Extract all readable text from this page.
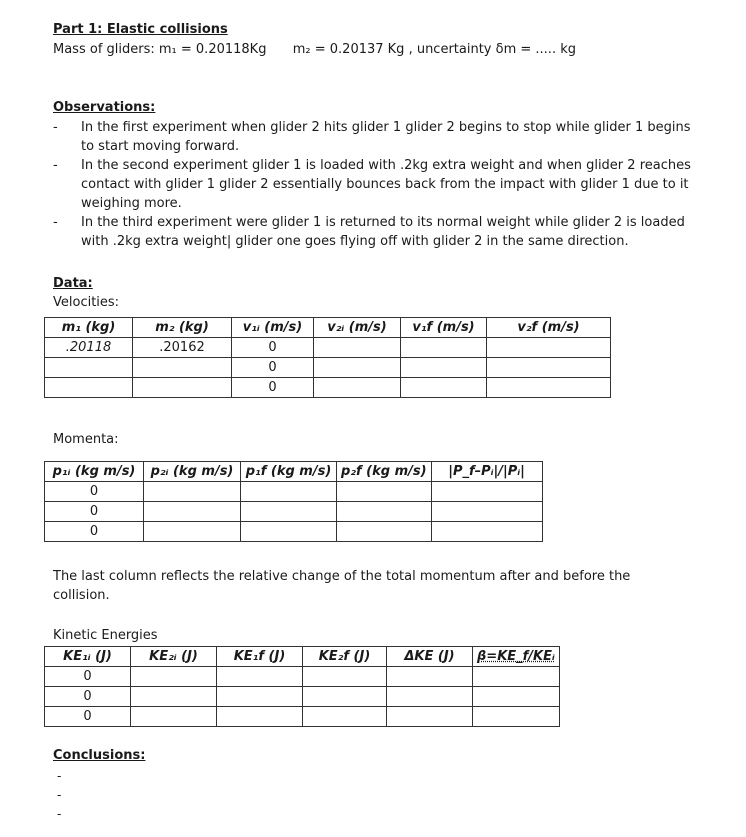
Part 1: Elastic collisions
Mass of gliders: m₁ = 0.20118Kg m₂ = 0.20137 Kg , uncertainty δm = ..... kg
Observations:
-	In the first experiment when glider 2 hits glider 1 glider 2 begins to stop while glider 1 begins to start moving forward.
-	In the second experiment glider 1 is loaded with .2kg extra weight and when glider 2 reaches contact with glider 1 glider 2 essentially bounces back from the impact with glider 1 due to it weighing more.
-	In the third experiment were glider 1 is returned to its normal weight while glider 2 is loaded with .2kg extra weight| glider one goes flying off with glider 2 in the same direction.
Data:
Velocities:
m₁ (kg)	m₂ (kg)	v₁ᵢ (m/s)	v₂ᵢ (m/s)	v₁f (m/s)	v₂f (m/s)
.20118	.20162	0			
		0			
		0			
Momenta:
p₁ᵢ (kg m/s)	p₂ᵢ (kg m/s)	p₁f (kg m/s)	p₂f (kg m/s)	|P_f–Pᵢ|/|Pᵢ|
0				
0				
0				
The last column reflects the relative change of the total momentum after and before the collision.
Kinetic Energies
KE₁ᵢ (J)	KE₂ᵢ (J)	KE₁f (J)	KE₂f (J)	ΔKE (J)	β=KE_f/KEᵢ
0					
0					
0					
Conclusions:
-
-
-
